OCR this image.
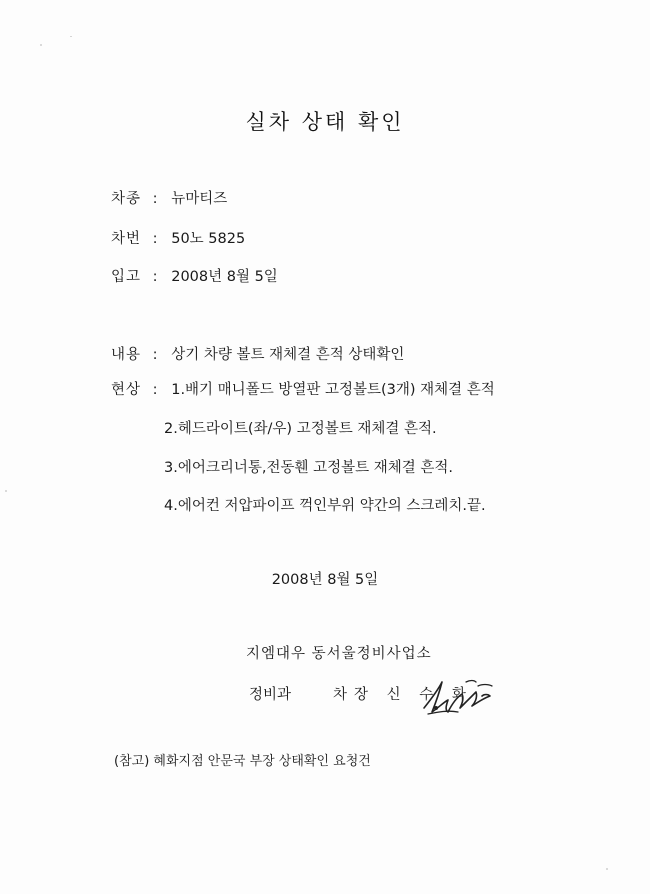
실차 상태 확인
차종 : 뉴마티즈
차번 : 50노 5825
입고 : 2008년 8월 5일
내용 : 상기 차량 볼트 재체결 흔적 상태확인
현상 : 1.배기 매니폴드 방열판 고정볼트(3개) 재체결 흔적
2.헤드라이트(좌/우) 고정볼트 재체결 흔적.
3.에어크리너통,전동휀 고정볼트 재체결 흔적.
4.에어컨 저압파이프 꺽인부위 약간의 스크레치.끝.
2008년 8월 5일
지엠대우 동서울정비사업소
정비과	차장 신 수 화
(참고) 혜화지점 안문국 부장 상태확인 요청건
